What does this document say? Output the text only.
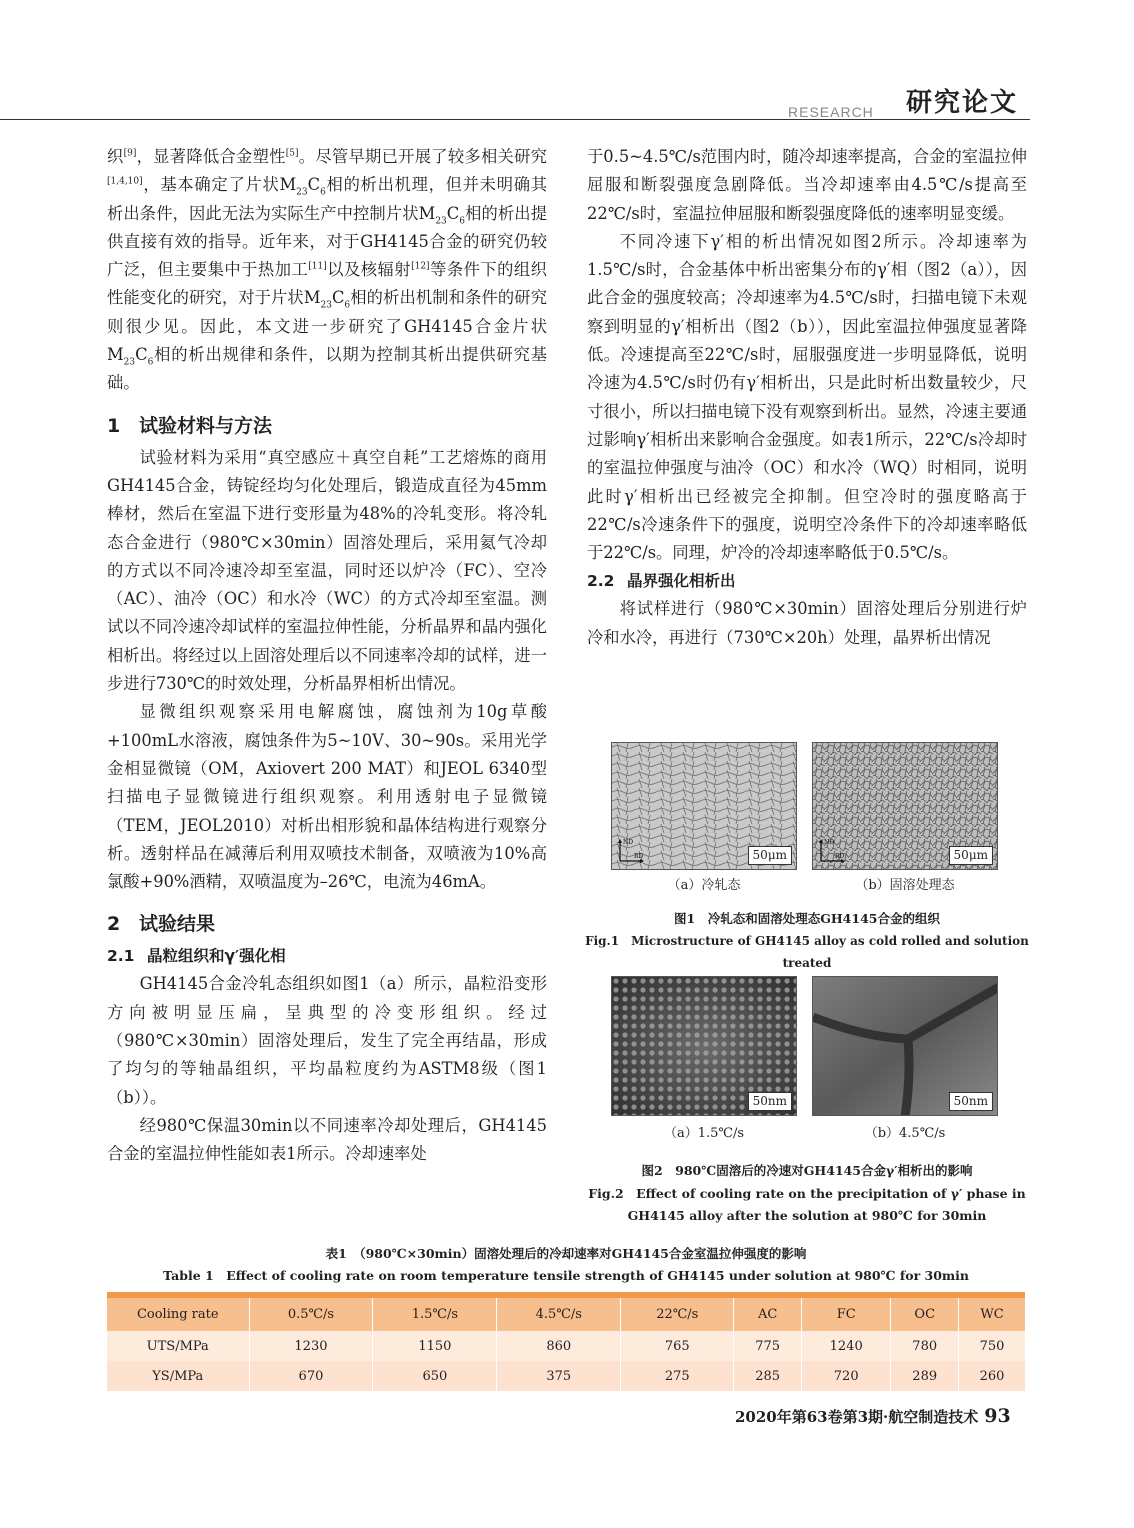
RESEARCH 研究论文

织[9]，显著降低合金塑性[5]。尽管早期已开展了较多相关研究[1,4,10]，基本确定了片状$M_{23}C_6$相的析出机理，但并未明确其析出条件，因此无法为实际生产中控制片状$M_{23}C_6$相的析出提供直接有效的指导。近年来，对于GH4145合金的研究仍较广泛，但主要集中于热加工[11]以及核辐射[12]等条件下的组织性能变化的研究，对于片状$M_{23}C_6$相的析出机制和条件的研究则很少见。因此，本文进一步研究了GH4145合金片状$M_{23}C_6$相的析出规律和条件，以期为控制其析出提供研究基础。

1 试验材料与方法

试验材料为采用“真空感应＋真空自耗”工艺熔炼的商用GH4145合金，铸锭经均匀化处理后，锻造成直径为45mm棒材，然后在室温下进行变形量为48%的冷轧变形。将冷轧态合金进行（980℃×30min）固溶处理后，采用氦气冷却的方式以不同冷速冷却至室温，同时还以炉冷（FC）、空冷（AC）、油冷（OC）和水冷（WC）的方式冷却至室温。测试以不同冷速冷却试样的室温拉伸性能，分析晶界和晶内强化相析出。将经过以上固溶处理后以不同速率冷却的试样，进一步进行730℃的时效处理，分析晶界相析出情况。

显微组织观察采用电解腐蚀，腐蚀剂为10g草酸+100mL水溶液，腐蚀条件为5~10V、30~90s。采用光学金相显微镜（OM，Axiovert 200 MAT）和JEOL 6340型扫描电子显微镜进行组织观察。利用透射电子显微镜（TEM，JEOL2010）对析出相形貌和晶体结构进行观察分析。透射样品在减薄后利用双喷技术制备，双喷液为10%高氯酸+90%酒精，双喷温度为–26℃，电流为46mA。

2 试验结果
2.1 晶粒组织和γ′强化相

GH4145合金冷轧态组织如图1（a）所示，晶粒沿变形方向被明显压扁，呈典型的冷变形组织。经过（980℃×30min）固溶处理后，发生了完全再结晶，形成了均匀的等轴晶组织，平均晶粒度约为ASTM8级（图1（b））。

经980℃保温30min以不同速率冷却处理后，GH4145合金的室温拉伸性能如表1所示。冷却速率处

于0.5~4.5℃/s范围内时，随冷却速率提高，合金的室温拉伸屈服和断裂强度急剧降低。当冷却速率由4.5℃/s提高至22℃/s时，室温拉伸屈服和断裂强度降低的速率明显变缓。

不同冷速下γ′相的析出情况如图2所示。冷却速率为1.5℃/s时，合金基体中析出密集分布的γ′相（图2（a）），因此合金的强度较高；冷却速率为4.5℃/s时，扫描电镜下未观察到明显的γ′相析出（图2（b）），因此室温拉伸强度显著降低。冷速提高至22℃/s时，屈服强度进一步明显降低，说明冷速为4.5℃/s时仍有γ′相析出，只是此时析出数量较少，尺寸很小，所以扫描电镜下没有观察到析出。显然，冷速主要通过影响γ′相析出来影响合金强度。如表1所示，22℃/s冷却时的室温拉伸强度与油冷（OC）和水冷（WQ）时相同，说明此时γ′相析出已经被完全抑制。但空冷时的强度略高于22℃/s冷速条件下的强度，说明空冷条件下的冷却速率略低于22℃/s。同理，炉冷的冷却速率略低于0.5℃/s。

2.2 晶界强化相析出

将试样进行（980℃×30min）固溶处理后分别进行炉冷和水冷，再进行（730℃×20h）处理，晶界析出情况

ND
RD	50μm
ND
RD	50μm
（a）冷轧态	（b）固溶处理态
图1　冷轧态和固溶处理态GH4145合金的组织
Fig.1　Microstructure of GH4145 alloy as cold rolled and solution treated
50nm	50nm
（a）1.5℃/s	（b）4.5℃/s
图2　980℃固溶后的冷速对GH4145合金γ′相析出的影响
Fig.2　Effect of cooling rate on the precipitation of γ′ phase in
GH4145 alloy after the solution at 980℃ for 30min
表1　（980℃×30min）固溶处理后的冷却速率对GH4145合金室温拉伸强度的影响
Table 1　Effect of cooling rate on room temperature tensile strength of GH4145 under solution at 980℃ for 30min
Cooling rate	0.5℃/s	1.5℃/s	4.5℃/s	22℃/s	AC	FC	OC	WC
UTS/MPa	1230	1150	860	765	775	1240	780	750
YS/MPa	670	650	375	275	285	720	289	260
2020年第63卷第3期·航空制造技术 93
